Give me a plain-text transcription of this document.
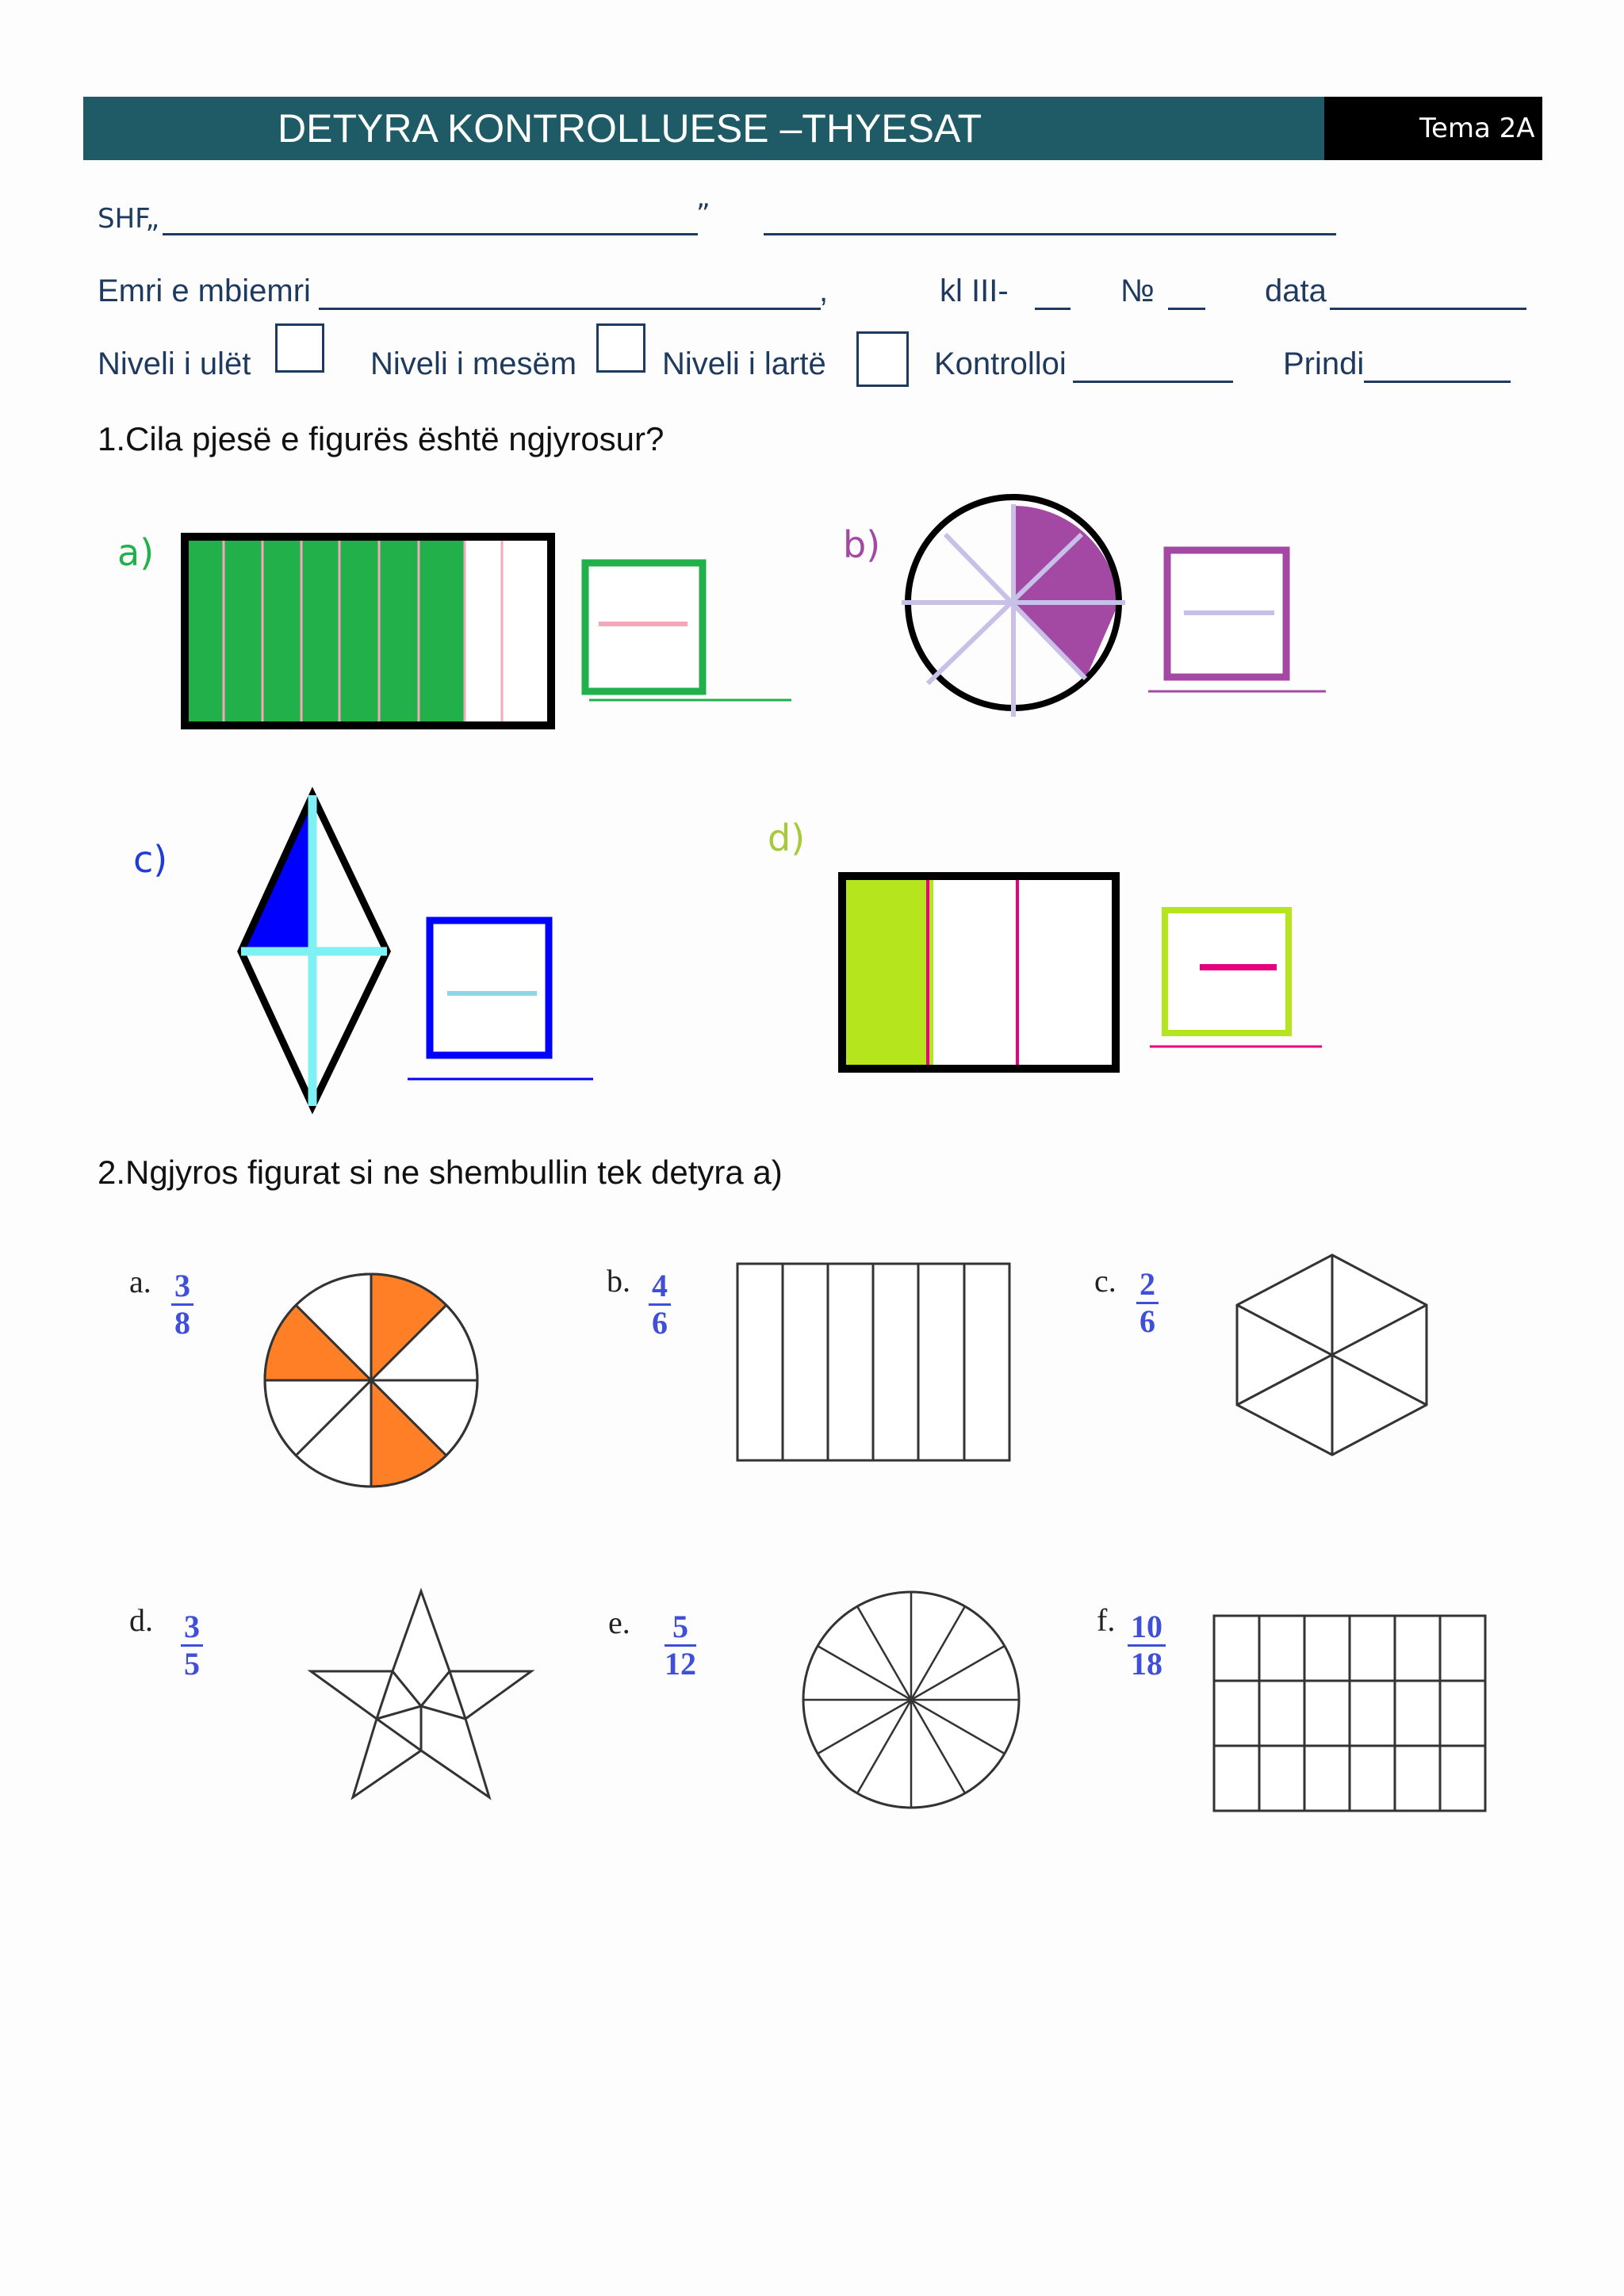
DETYRA KONTROLLUESE –THYESAT	Tema 2A
SHF„	”
Emri e mbiemri	,	kl III-	№	data
Niveli i ulët	Niveli i mesëm	Niveli i lartë	Kontrolloi	Prindi
1.Cila pjesë e figurës është ngjyrosur?
a)	b)
c)	d)
2.Ngjyros figurat si ne shembullin tek detyra a)
a. $\frac{3}{8}$	b. $\frac{4}{6}$	c. $\frac{2}{6}$
d. $\frac{3}{5}$	e. $\frac{5}{12}$	f. $\frac{10}{18}$
